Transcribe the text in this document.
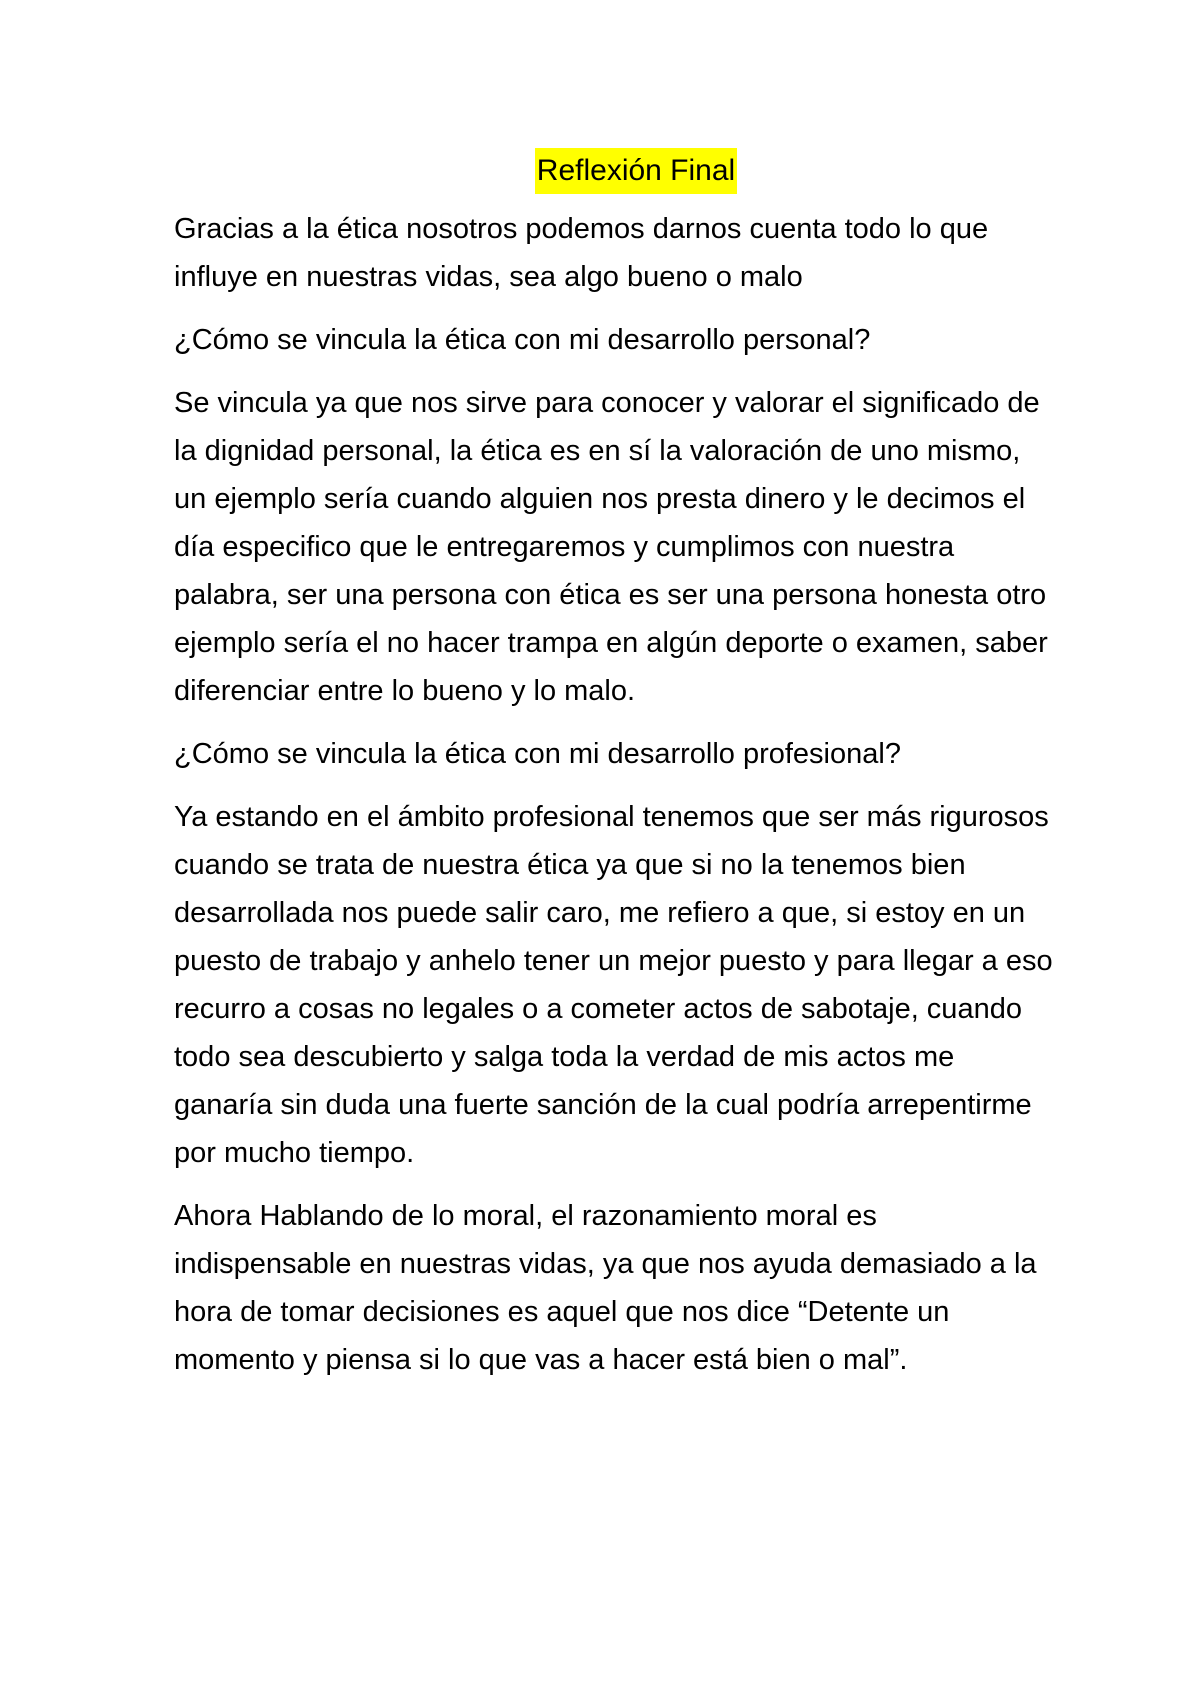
Reflexión Final

Gracias a la ética nosotros podemos darnos cuenta todo lo que influye en nuestras vidas, sea algo bueno o malo

¿Cómo se vincula la ética con mi desarrollo personal?

Se vincula ya que nos sirve para conocer y valorar el significado de la dignidad personal, la ética es en sí la valoración de uno mismo, un ejemplo sería cuando alguien nos presta dinero y le decimos el día especifico que le entregaremos y cumplimos con nuestra palabra, ser una persona con ética es ser una persona honesta otro ejemplo sería el no hacer trampa en algún deporte o examen, saber diferenciar entre lo bueno y lo malo.

¿Cómo se vincula la ética con mi desarrollo profesional?

Ya estando en el ámbito profesional tenemos que ser más rigurosos cuando se trata de nuestra ética ya que si no la tenemos bien desarrollada nos puede salir caro, me refiero a que, si estoy en un puesto de trabajo y anhelo tener un mejor puesto y para llegar a eso recurro a cosas no legales o a cometer actos de sabotaje, cuando todo sea descubierto y salga toda la verdad de mis actos me ganaría sin duda una fuerte sanción de la cual podría arrepentirme por mucho tiempo.

Ahora Hablando de lo moral, el razonamiento moral es indispensable en nuestras vidas, ya que nos ayuda demasiado a la hora de tomar decisiones es aquel que nos dice “Detente un momento y piensa si lo que vas a hacer está bien o mal”.
